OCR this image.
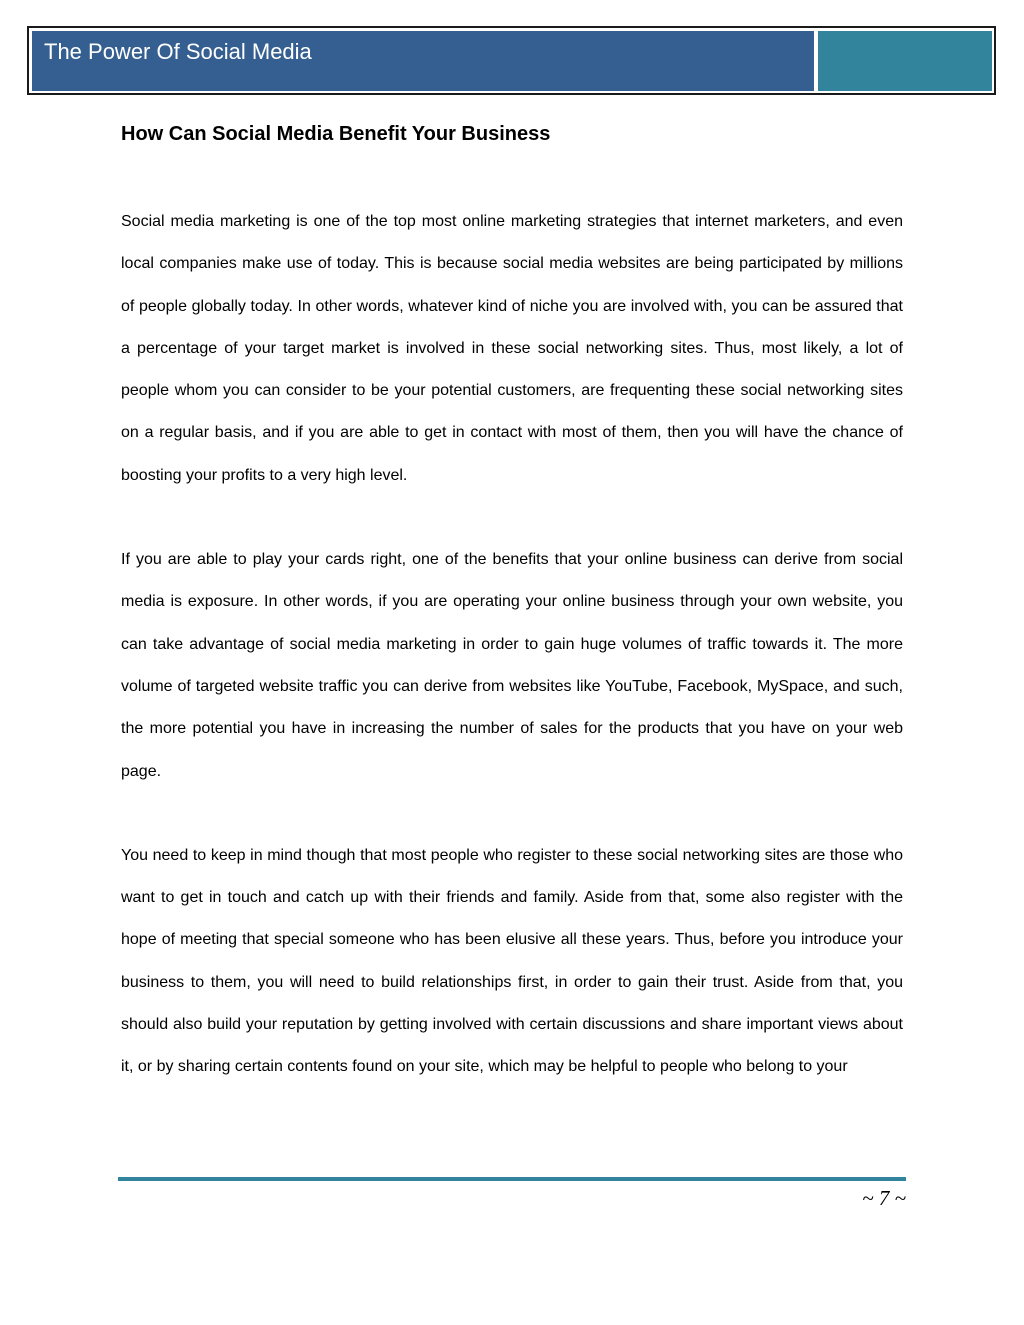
The Power Of Social Media
How Can Social Media Benefit Your Business

Social media marketing is one of the top most online marketing strategies that internet marketers, and even local companies make use of today. This is because social media websites are being participated by millions of people globally today. In other words, whatever kind of niche you are involved with, you can be assured that a percentage of your target market is involved in these social networking sites. Thus, most likely, a lot of people whom you can consider to be your potential customers, are frequenting these social networking sites on a regular basis, and if you are able to get in contact with most of them, then you will have the chance of boosting your profits to a very high level.

If you are able to play your cards right, one of the benefits that your online business can derive from social media is exposure. In other words, if you are operating your online business through your own website, you can take advantage of social media marketing in order to gain huge volumes of traffic towards it. The more volume of targeted website traffic you can derive from websites like YouTube, Facebook, MySpace, and such, the more potential you have in increasing the number of sales for the products that you have on your web page.

You need to keep in mind though that most people who register to these social networking sites are those who want to get in touch and catch up with their friends and family. Aside from that, some also register with the hope of meeting that special someone who has been elusive all these years. Thus, before you introduce your business to them, you will need to build relationships first, in order to gain their trust. Aside from that, you should also build your reputation by getting involved with certain discussions and share important views about it, or by sharing certain contents found on your site, which may be helpful to people who belong to your

~ 7 ~
